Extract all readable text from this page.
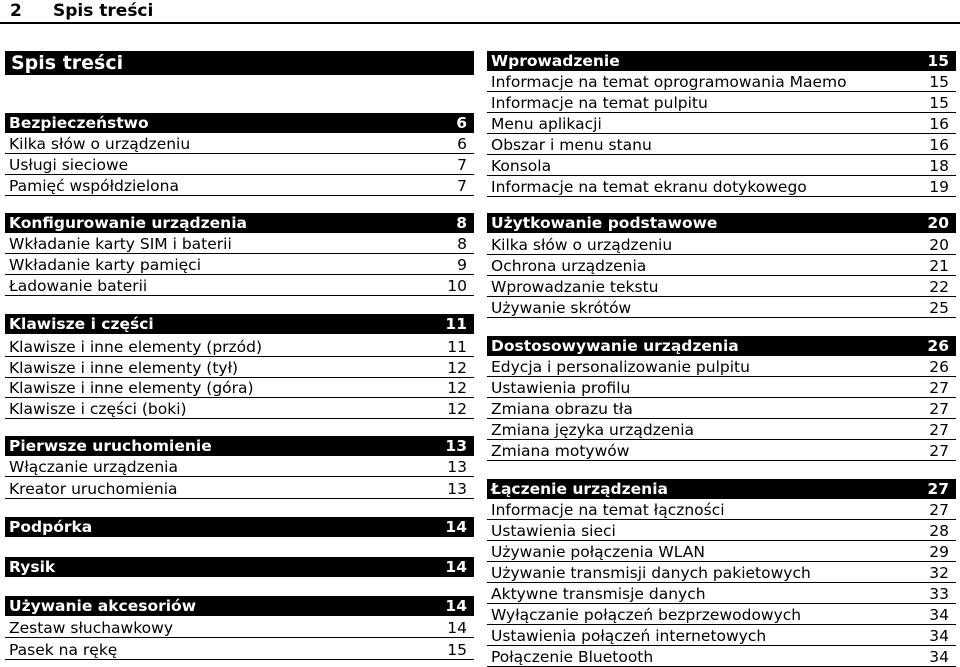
2 Spis treści
Spis treści
Bezpieczeństwo	6
Kilka słów o urządzeniu	6
Usługi sieciowe	7
Pamięć współdzielona	7
Konfigurowanie urządzenia	8
Wkładanie karty SIM i baterii	8
Wkładanie karty pamięci	9
Ładowanie baterii	10
Klawisze i części	11
Klawisze i inne elementy (przód)	11
Klawisze i inne elementy (tył)	12
Klawisze i inne elementy (góra)	12
Klawisze i części (boki)	12
Pierwsze uruchomienie	13
Włączanie urządzenia	13
Kreator uruchomienia	13
Podpórka	14
Rysik	14
Używanie akcesoriów	14
Zestaw słuchawkowy	14
Pasek na rękę	15
Wprowadzenie	15
Informacje na temat oprogramowania Maemo	15
Informacje na temat pulpitu	15
Menu aplikacji	16
Obszar i menu stanu	16
Konsola	18
Informacje na temat ekranu dotykowego	19
Użytkowanie podstawowe	20
Kilka słów o urządzeniu	20
Ochrona urządzenia	21
Wprowadzanie tekstu	22
Używanie skrótów	25
Dostosowywanie urządzenia	26
Edycja i personalizowanie pulpitu	26
Ustawienia profilu	27
Zmiana obrazu tła	27
Zmiana języka urządzenia	27
Zmiana motywów	27
Łączenie urządzenia	27
Informacje na temat łączności	27
Ustawienia sieci	28
Używanie połączenia WLAN	29
Używanie transmisji danych pakietowych	32
Aktywne transmisje danych	33
Wyłączanie połączeń bezprzewodowych	34
Ustawienia połączeń internetowych	34
Połączenie Bluetooth	34
